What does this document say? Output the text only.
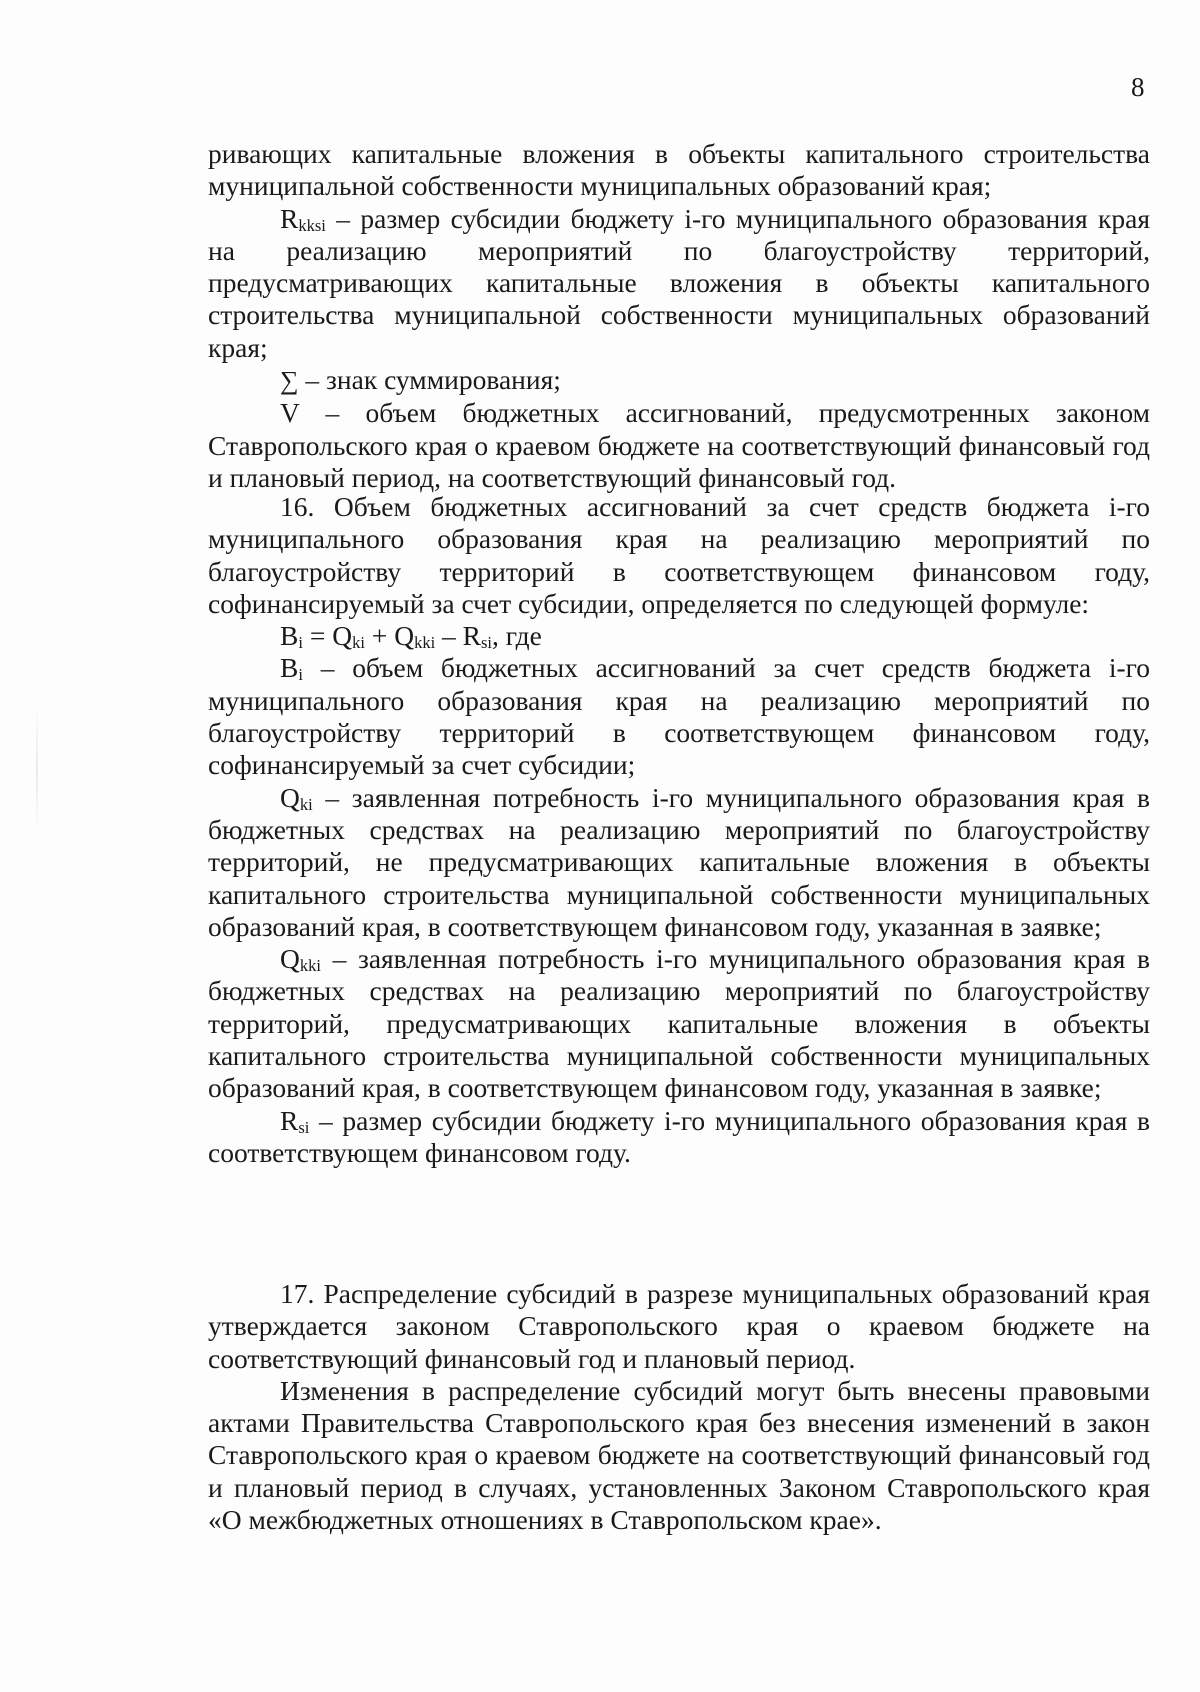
8

ривающих капитальные вложения в объекты капитального строительства муниципальной собственности муниципальных образований края;

$R_{kksi}$ – размер субсидии бюджету i-го муниципального образования края на реализацию мероприятий по благоустройству территорий, предусматривающих капитальные вложения в объекты капитального строительства муниципальной собственности муниципальных образований края;

∑ – знак суммирования;

V – объем бюджетных ассигнований, предусмотренных законом Ставропольского края о краевом бюджете на соответствующий финансовый год и плановый период, на соответствующий финансовый год.

16. Объем бюджетных ассигнований за счет средств бюджета i-го муниципального образования края на реализацию мероприятий по благоустройству территорий в соответствующем финансовом году, софинансируемый за счет субсидии, определяется по следующей формуле:

$B_i = Q_{ki} + Q_{kki} - R_{si}$, где

$B_i$ – объем бюджетных ассигнований за счет средств бюджета i-го муниципального образования края на реализацию мероприятий по благоустройству территорий в соответствующем финансовом году, софинансируемый за счет субсидии;

$Q_{ki}$ – заявленная потребность i-го муниципального образования края в бюджетных средствах на реализацию мероприятий по благоустройству территорий, не предусматривающих капитальные вложения в объекты капитального строительства муниципальной собственности муниципальных образований края, в соответствующем финансовом году, указанная в заявке;

$Q_{kki}$ – заявленная потребность i-го муниципального образования края в бюджетных средствах на реализацию мероприятий по благоустройству территорий, предусматривающих капитальные вложения в объекты капитального строительства муниципальной собственности муниципальных образований края, в соответствующем финансовом году, указанная в заявке;

$R_{si}$ – размер субсидии бюджету i-го муниципального образования края в соответствующем финансовом году.

17. Распределение субсидий в разрезе муниципальных образований края утверждается законом Ставропольского края о краевом бюджете на соответствующий финансовый год и плановый период.

Изменения в распределение субсидий могут быть внесены правовыми актами Правительства Ставропольского края без внесения изменений в закон Ставропольского края о краевом бюджете на соответствующий финансовый год и плановый период в случаях, установленных Законом Ставропольского края «О межбюджетных отношениях в Ставропольском крае».
